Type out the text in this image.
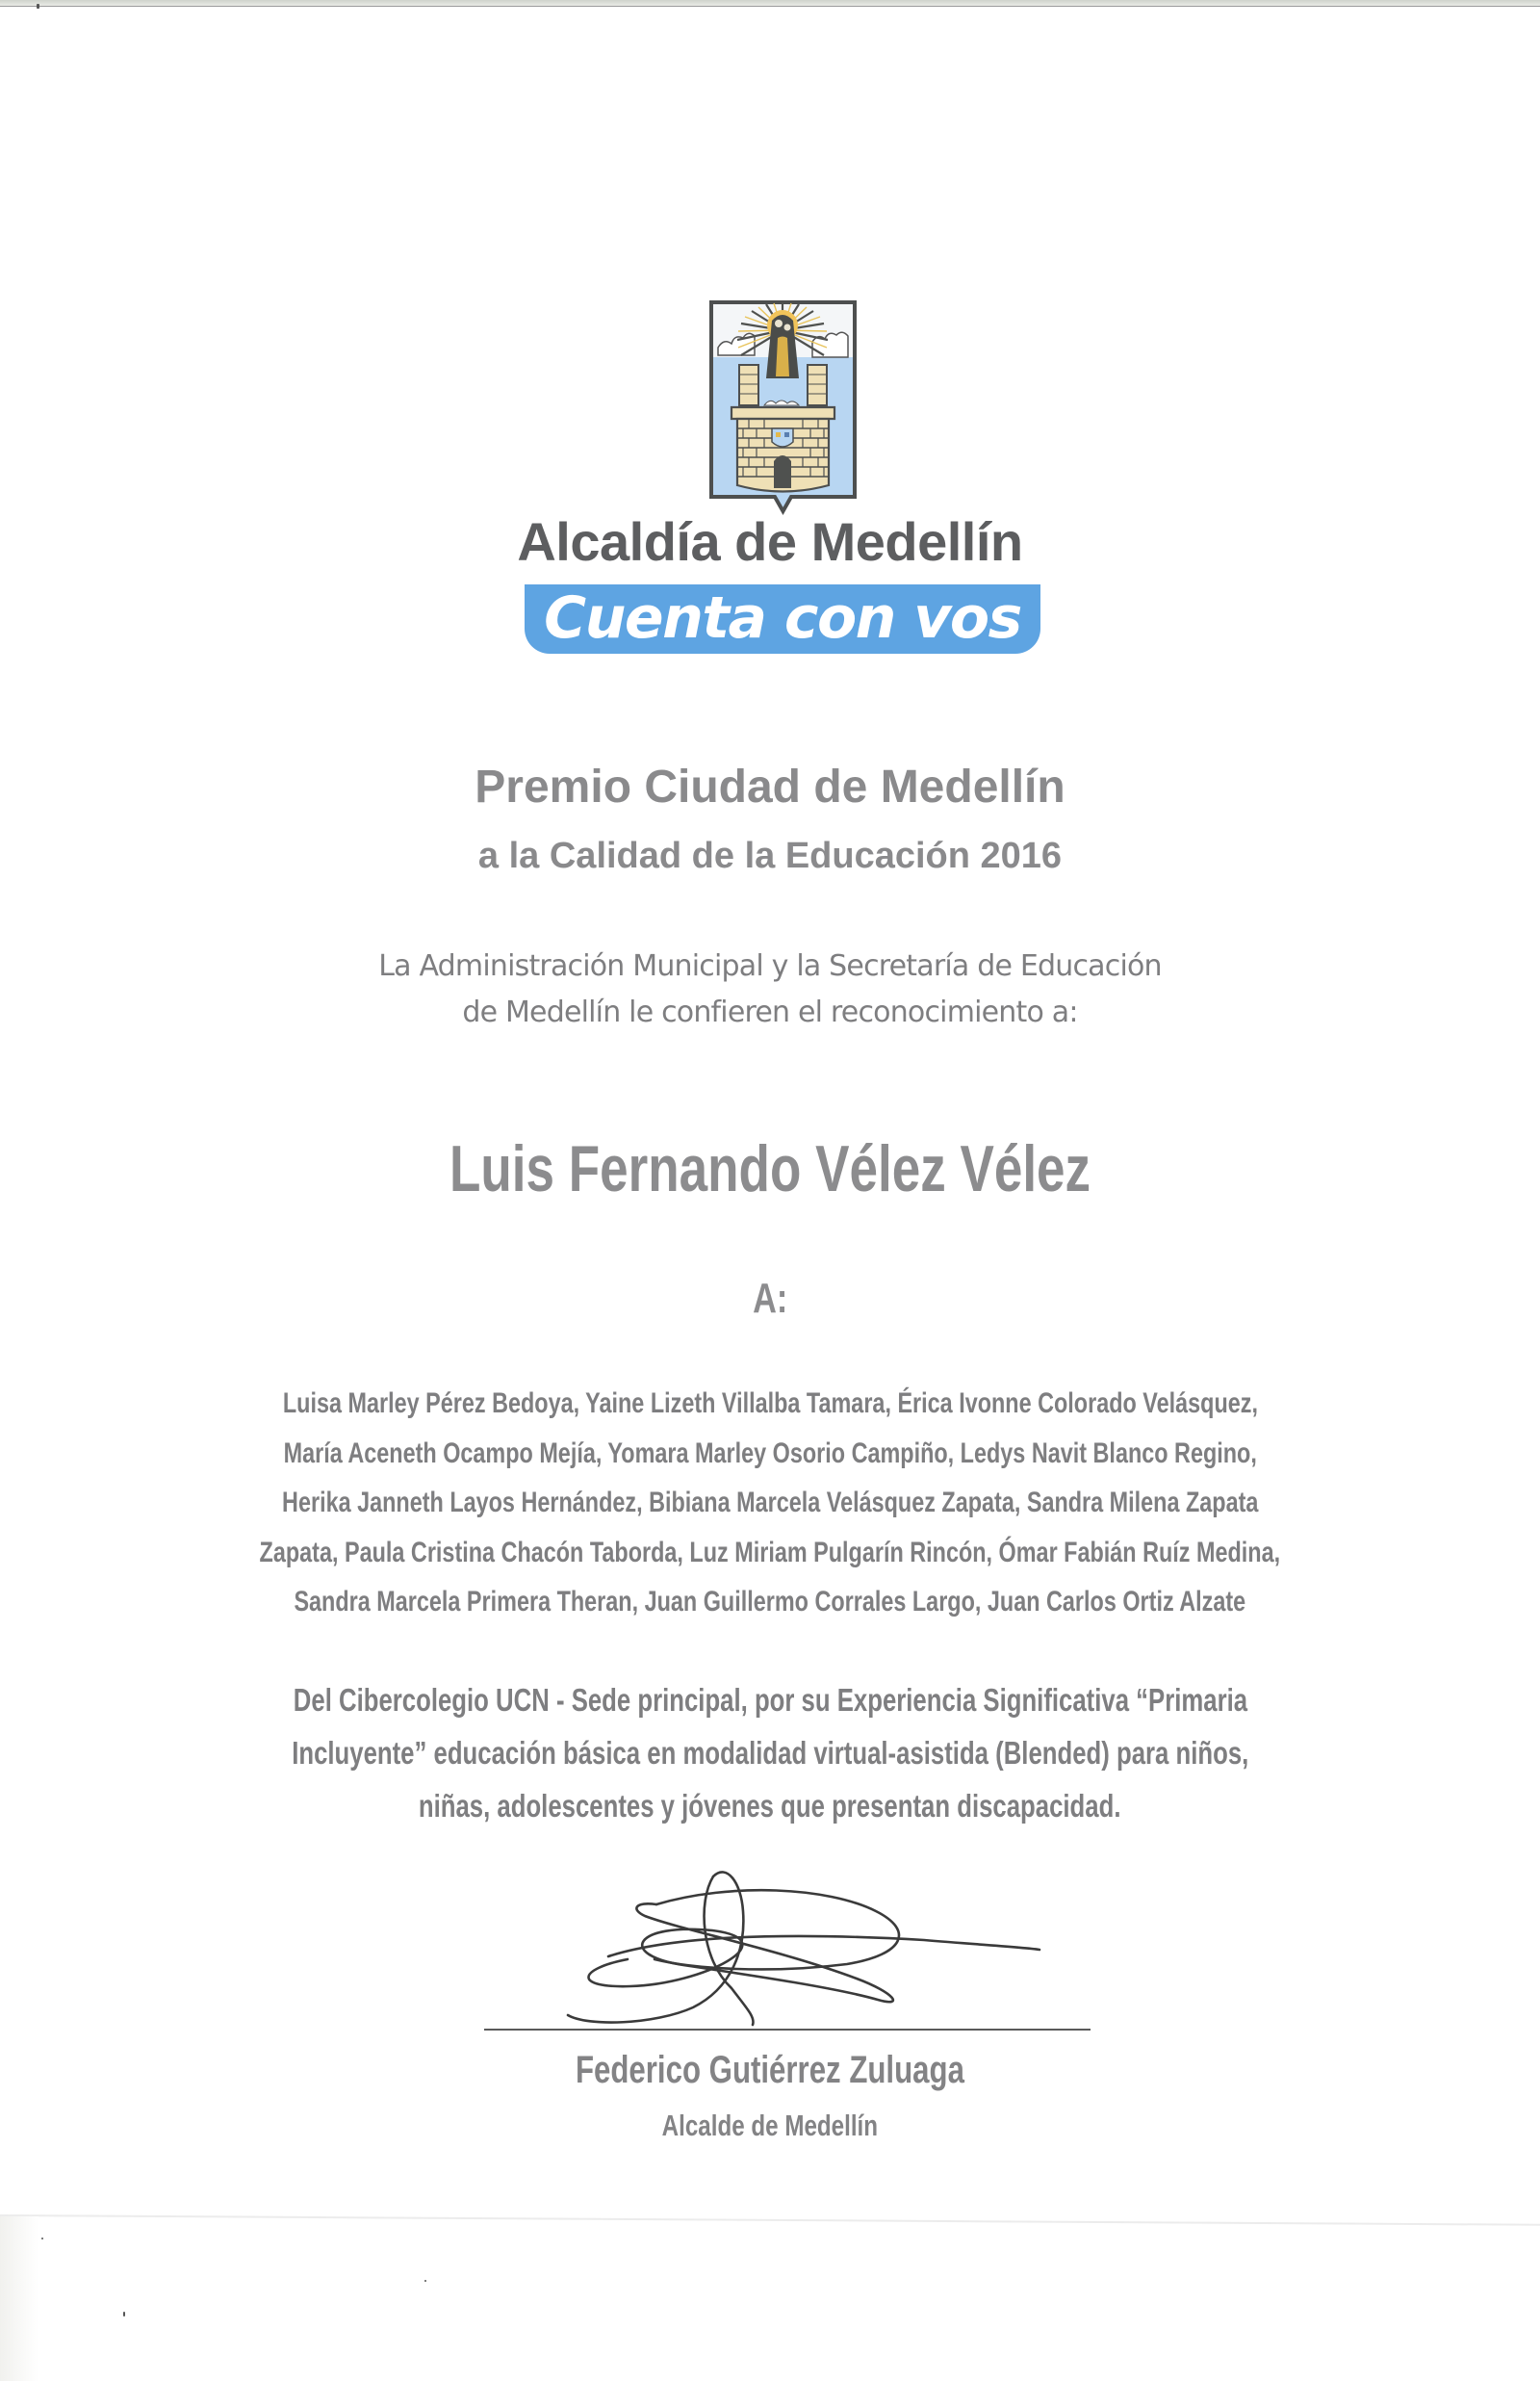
Alcaldía de Medellín
Cuenta con vos
Premio Ciudad de Medellín
a la Calidad de la Educación 2016
La Administración Municipal y la Secretaría de Educación
de Medellín le confieren el reconocimiento a:
Luis Fernando Vélez Vélez
A:
Luisa Marley Pérez Bedoya, Yaine Lizeth Villalba Tamara, Érica Ivonne Colorado Velásquez,
María Aceneth Ocampo Mejía, Yomara Marley Osorio Campiño, Ledys Navit Blanco Regino,
Herika Janneth Layos Hernández, Bibiana Marcela Velásquez Zapata, Sandra Milena Zapata
Zapata, Paula Cristina Chacón Taborda, Luz Miriam Pulgarín Rincón, Ómar Fabián Ruíz Medina,
Sandra Marcela Primera Theran, Juan Guillermo Corrales Largo, Juan Carlos Ortiz Alzate
Del Cibercolegio UCN - Sede principal, por su Experiencia Significativa “Primaria
Incluyente” educación básica en modalidad virtual-asistida (Blended) para niños,
niñas, adolescentes y jóvenes que presentan discapacidad.
Federico Gutiérrez Zuluaga
Alcalde de Medellín
